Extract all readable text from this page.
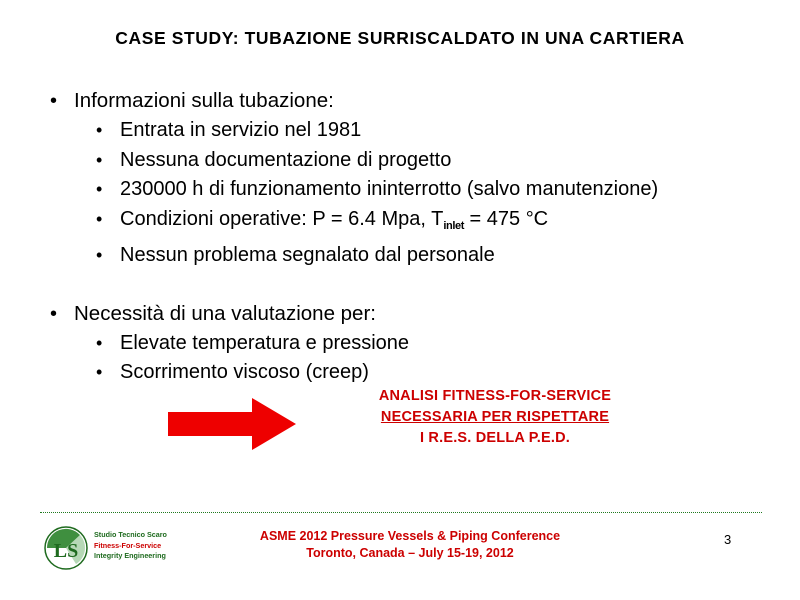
CASE STUDY: TUBAZIONE SURRISCALDATO IN UNA CARTIERA
• Informazioni sulla tubazione:
• Entrata in servizio nel 1981
• Nessuna documentazione di progetto
• 230000 h di funzionamento ininterrotto (salvo manutenzione)
• Condizioni operative: P = 6.4 Mpa, $T_{inlet} = 475$ °C
• Nessun problema segnalato dal personale
• Necessità di una valutazione per:
• Elevate temperatura e pressione
• Scorrimento viscoso (creep)
ANALISI FITNESS-FOR-SERVICE
NECESSARIA PER RISPETTARE
I R.E.S. DELLA P.E.D.
ASME 2012 Pressure Vessels & Piping Conference
Toronto, Canada – July 15-19, 2012
3
LS
Studio Tecnico Scaro
Fitness-For-Service
Integrity Engineering
